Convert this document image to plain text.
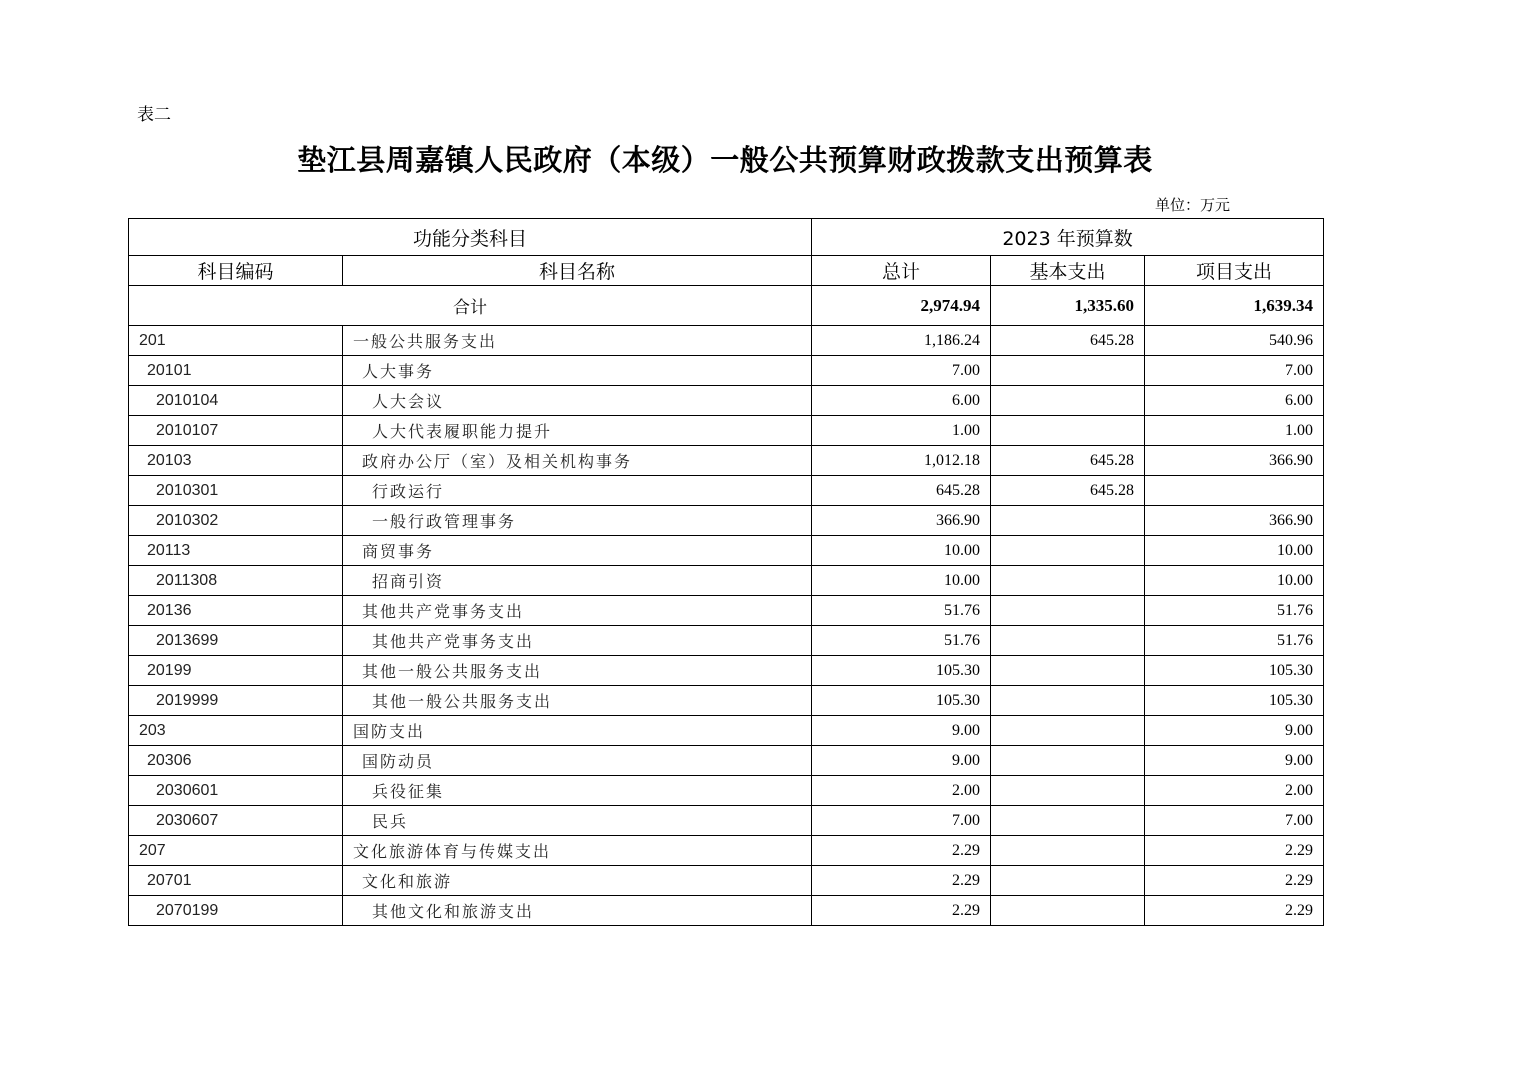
表二
垫江县周嘉镇人民政府（本级）一般公共预算财政拨款支出预算表
单位：万元
功能分类科目		2023 年预算数		
科目编码	科目名称	总计	基本支出	项目支出
合计		2,974.94	1,335.60	1,639.34
201	一般公共服务支出	1,186.24	645.28	540.96
20101	人大事务	7.00		7.00
2010104	人大会议	6.00		6.00
2010107	人大代表履职能力提升	1.00		1.00
20103	政府办公厅（室）及相关机构事务	1,012.18	645.28	366.90
2010301	行政运行	645.28	645.28	
2010302	一般行政管理事务	366.90		366.90
20113	商贸事务	10.00		10.00
2011308	招商引资	10.00		10.00
20136	其他共产党事务支出	51.76		51.76
2013699	其他共产党事务支出	51.76		51.76
20199	其他一般公共服务支出	105.30		105.30
2019999	其他一般公共服务支出	105.30		105.30
203	国防支出	9.00		9.00
20306	国防动员	9.00		9.00
2030601	兵役征集	2.00		2.00
2030607	民兵	7.00		7.00
207	文化旅游体育与传媒支出	2.29		2.29
20701	文化和旅游	2.29		2.29
2070199	其他文化和旅游支出	2.29		2.29
